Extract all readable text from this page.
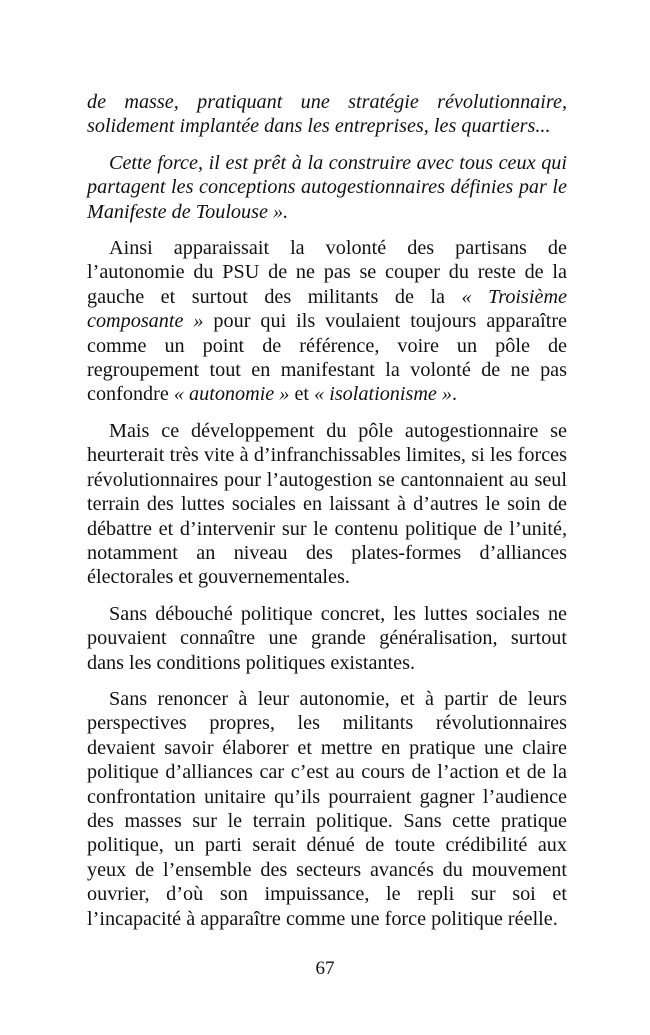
de masse, pratiquant une stratégie révolutionnaire, solidement implantée dans les entreprises, les quartiers...

Cette force, il est prêt à la construire avec tous ceux qui partagent les conceptions autogestionnaires définies par le Manifeste de Toulouse ».

Ainsi apparaissait la volonté des partisans de l’autonomie du PSU de ne pas se couper du reste de la gauche et surtout des militants de la « Troisième composante » pour qui ils voulaient toujours apparaître comme un point de référence, voire un pôle de regroupement tout en manifestant la volonté de ne pas confondre « autonomie » et « isolationisme ».

Mais ce développement du pôle autogestionnaire se heurterait très vite à d’infranchissables limites, si les forces révolutionnaires pour l’autogestion se cantonnaient au seul terrain des luttes sociales en laissant à d’autres le soin de débattre et d’intervenir sur le contenu politique de l’unité, notamment an niveau des plates-formes d’alliances électorales et gouvernementales.

Sans débouché politique concret, les luttes sociales ne pouvaient connaître une grande généralisation, surtout dans les conditions politiques existantes.

Sans renoncer à leur autonomie, et à partir de leurs perspectives propres, les militants révolutionnaires devaient savoir élaborer et mettre en pratique une claire politique d’alliances car c’est au cours de l’action et de la confrontation unitaire qu’ils pourraient gagner l’audience des masses sur le terrain politique. Sans cette pratique politique, un parti serait dénué de toute crédibilité aux yeux de l’ensemble des secteurs avancés du mouvement ouvrier, d’où son impuissance, le repli sur soi et l’incapacité à apparaître comme une force politique réelle.

67
